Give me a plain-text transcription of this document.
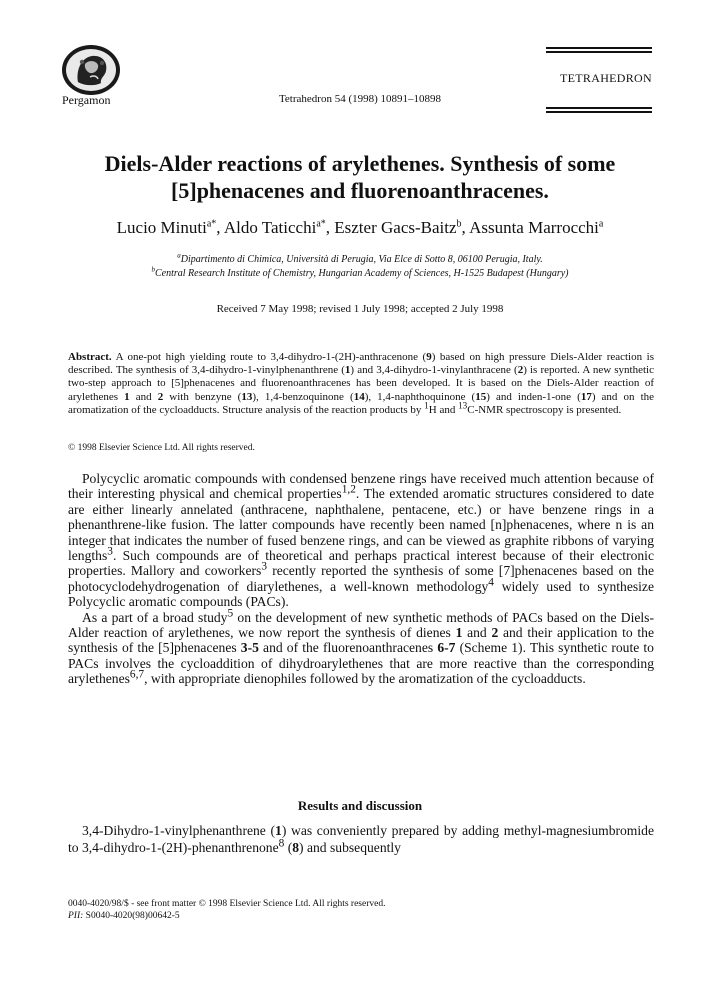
Pergamon	Tetrahedron 54 (1998) 10891–10898
TETRAHEDRON
Diels-Alder reactions of arylethenes. Synthesis of some
[5]phenacenes and fluorenoanthracenes.
Lucio Minuti$^{a*}$, Aldo Taticchi$^{a*}$, Eszter Gacs-Baitz$^b$, Assunta Marrocchi$^a$
$^a$Dipartimento di Chimica, Università di Perugia, Via Elce di Sotto 8, 06100 Perugia, Italy.
$^b$Central Research Institute of Chemistry, Hungarian Academy of Sciences, H-1525 Budapest (Hungary)
Received 7 May 1998; revised 1 July 1998; accepted 2 July 1998
Abstract. A one-pot high yielding route to 3,4-dihydro-1-(2H)-anthracenone (9) based on high pressure Diels-Alder reaction is described. The synthesis of 3,4-dihydro-1-vinylphenanthrene (1) and 3,4-dihydro-1-vinylanthracene (2) is reported. A new synthetic two-step approach to [5]phenacenes and fluorenoanthracenes has been developed. It is based on the Diels-Alder reaction of arylethenes 1 and 2 with benzyne (13), 1,4-benzoquinone (14), 1,4-naphthoquinone (15) and inden-1-one (17) and on the aromatization of the cycloadducts. Structure analysis of the reaction products by $^1$H and $^{13}$C-NMR spectroscopy is presented.
© 1998 Elsevier Science Ltd. All rights reserved.

Polycyclic aromatic compounds with condensed benzene rings have received much attention because of their interesting physical and chemical properties$^{1,2}$. The extended aromatic structures considered to date are either linearly annelated (anthracene, naphthalene, pentacene, etc.) or have benzene rings in a phenanthrene-like fusion. The latter compounds have recently been named [n]phenacenes, where n is an integer that indicates the number of fused benzene rings, and can be viewed as graphite ribbons of varying lengths$^3$. Such compounds are of theoretical and perhaps practical interest because of their electronic properties. Mallory and coworkers$^3$ recently reported the synthesis of some [7]phenacenes based on the photocyclodehydrogenation of diarylethenes, a well-known methodology$^4$ widely used to synthesize Polycyclic aromatic compounds (PACs).

As a part of a broad study$^5$ on the development of new synthetic methods of PACs based on the Diels-Alder reaction of arylethenes, we now report the synthesis of dienes 1 and 2 and their application to the synthesis of the [5]phenacenes 3-5 and of the fluorenoanthracenes 6-7 (Scheme 1). This synthetic route to PACs involves the cycloaddition of dihydroarylethenes that are more reactive than the corresponding arylethenes$^{6,7}$, with appropriate dienophiles followed by the aromatization of the cycloadducts.

Results and discussion
3,4-Dihydro-1-vinylphenanthrene (1) was conveniently prepared by adding methyl-magnesiumbromide to 3,4-dihydro-1-(2H)-phenanthrenone$^8$ (8) and subsequently
0040-4020/98/$ - see front matter © 1998 Elsevier Science Ltd. All rights reserved.
PII: S0040-4020(98)00642-5
